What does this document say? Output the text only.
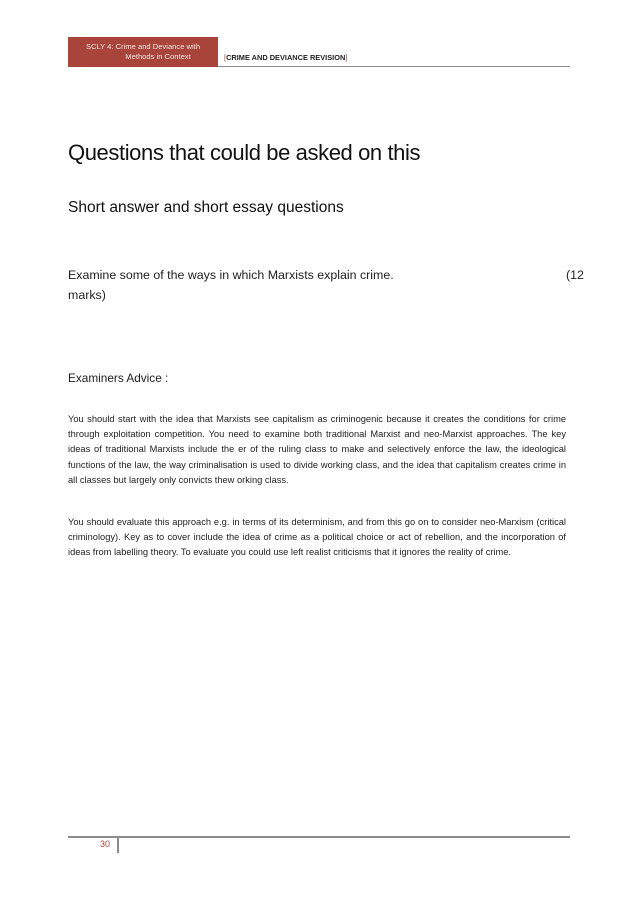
SCLY 4: Crime and Deviance with
Methods in Context	[CRIME AND DEVIANCE REVISION]
Questions that could be asked on this
Short answer and short essay questions
Examine some of the ways in which Marxists explain crime.	(12
marks)
Examiners Advice :

You should start with the idea that Marxists see capitalism as criminogenic because it creates the conditions for crime through exploitation competition. You need to examine both traditional Marxist and neo-Marxist approaches. The key ideas of traditional Marxists include the er of the ruling class to make and selectively enforce the law, the ideological functions of the law, the way criminalisation is used to divide working class, and the idea that capitalism creates crime in all classes but largely only convicts thew orking class.

You should evaluate this approach e.g. in terms of its determinism, and from this go on to consider neo-Marxism (critical criminology). Key as to cover include the idea of crime as a political choice or act of rebellion, and the incorporation of ideas from labelling theory. To evaluate you could use left realist criticisms that it ignores the reality of crime.

30
